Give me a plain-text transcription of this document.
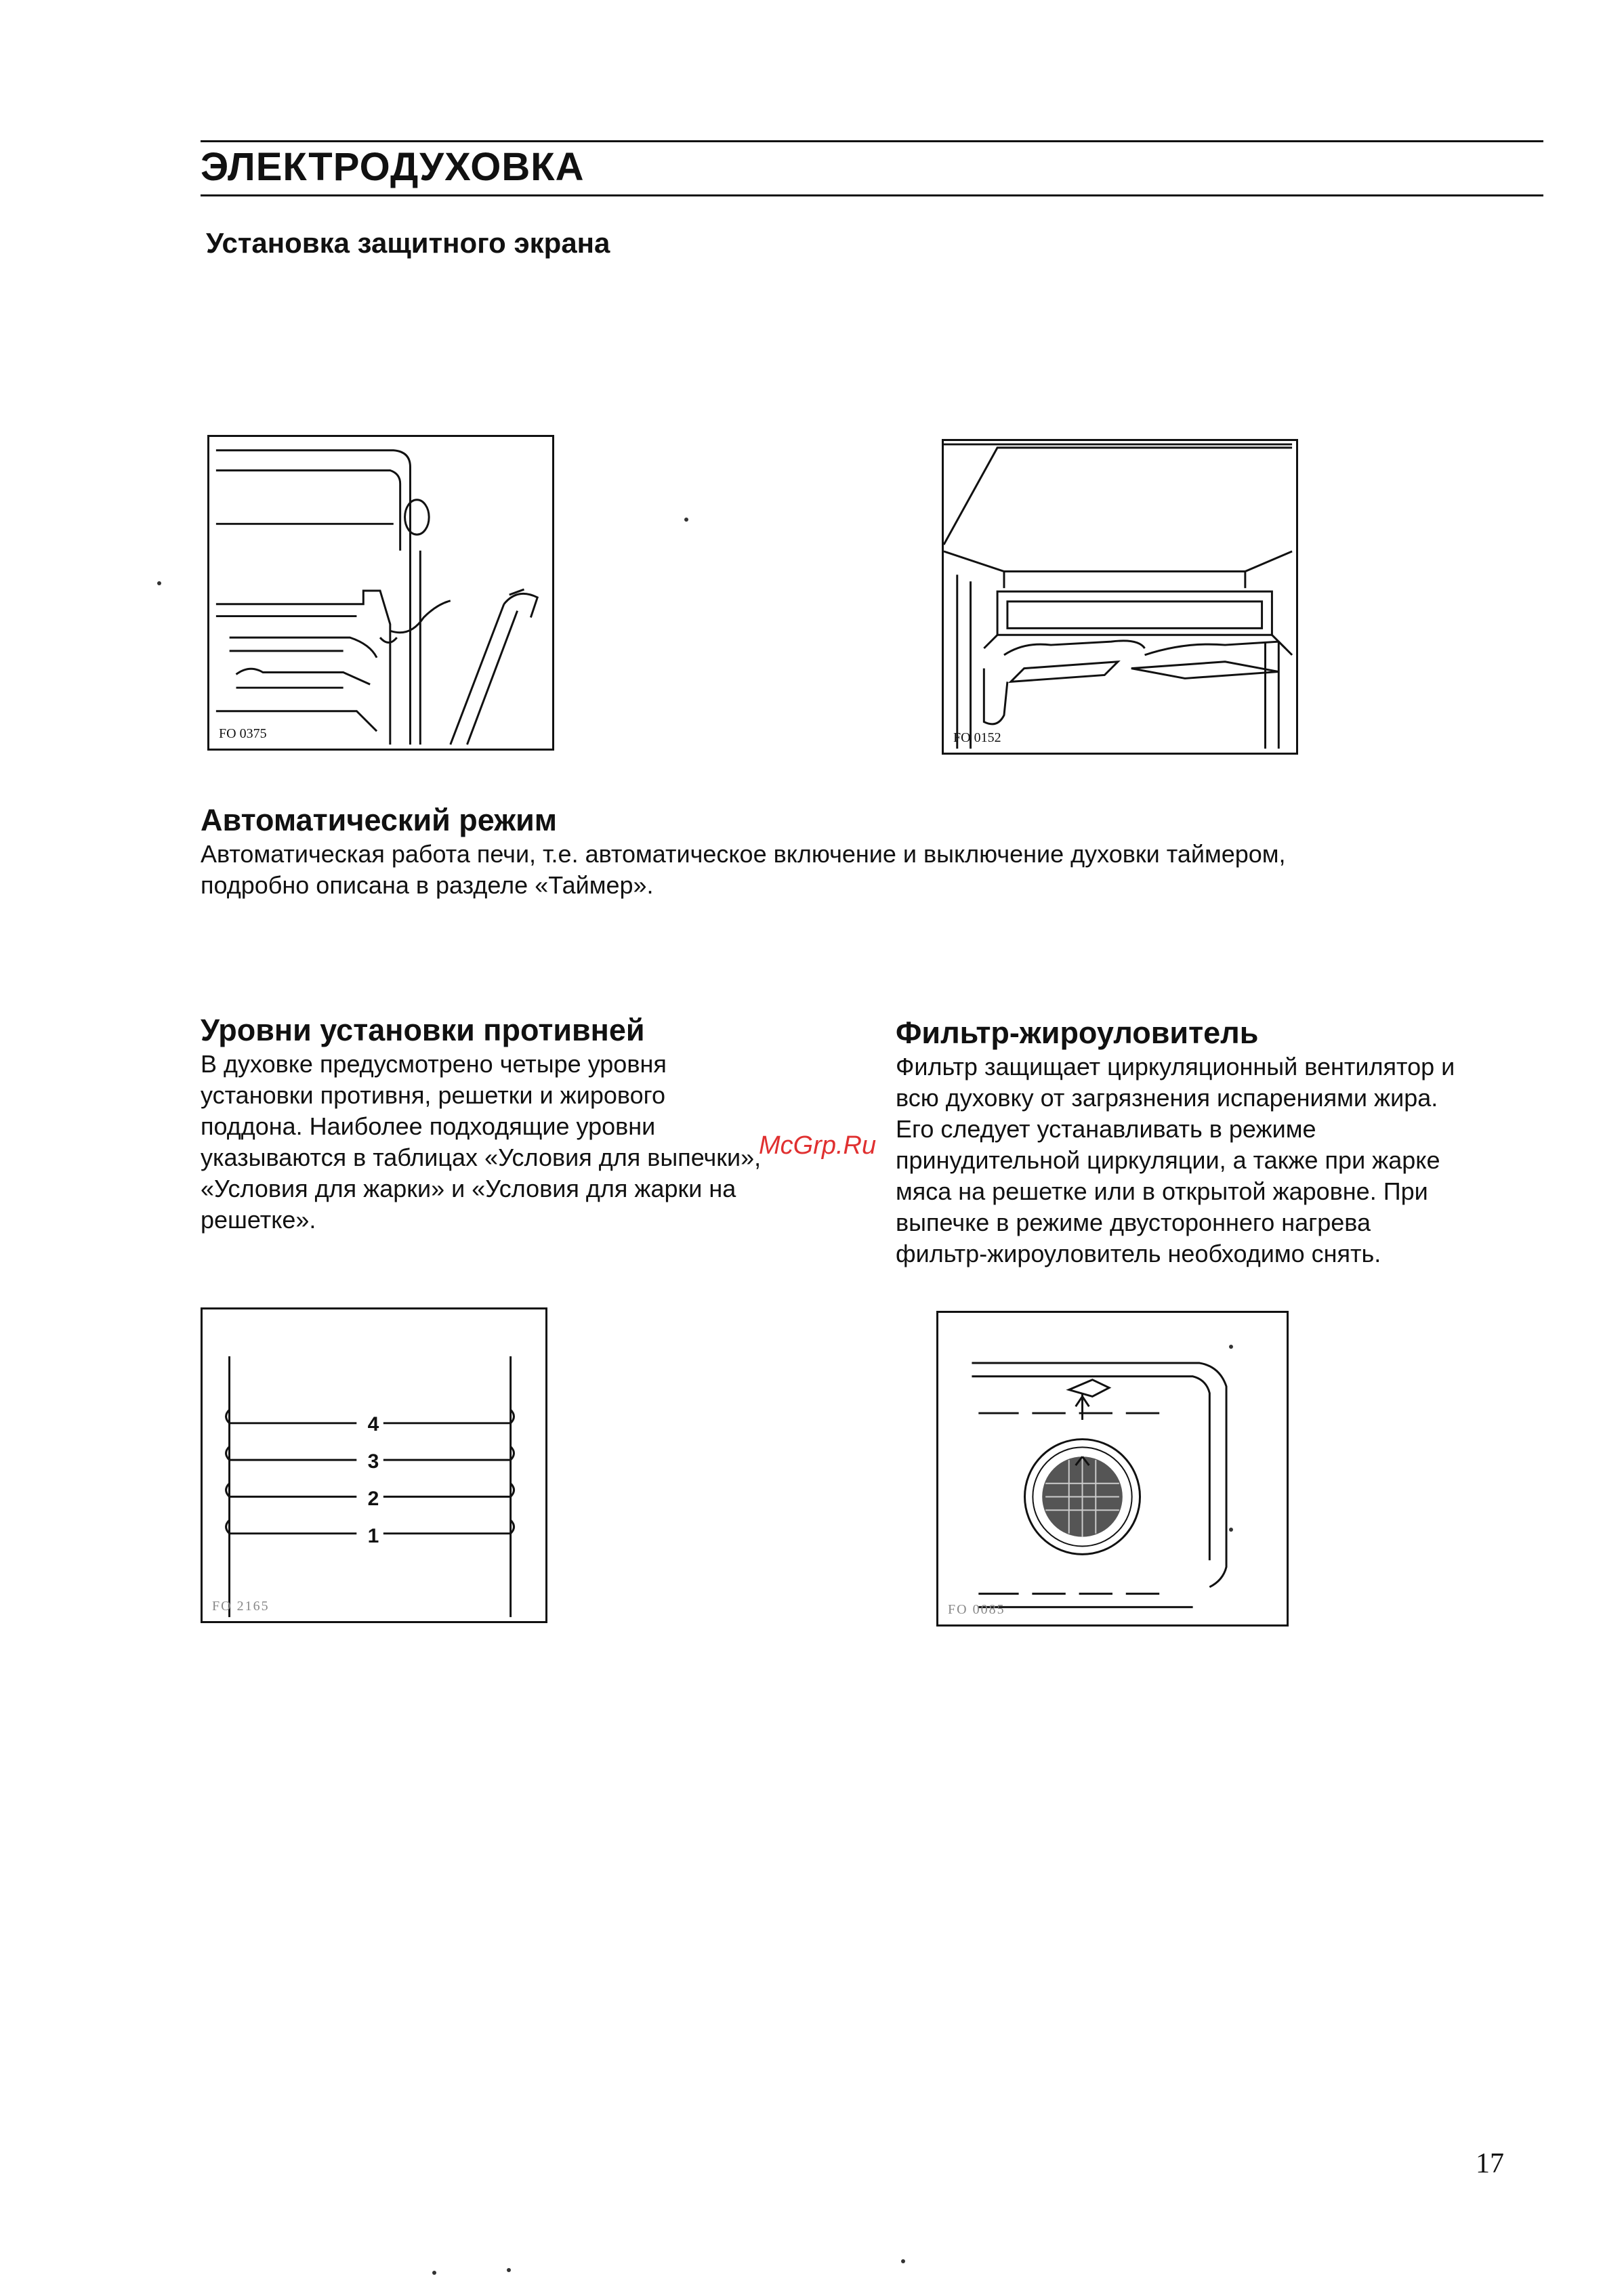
ЭЛЕКТРОДУХОВКА
Установка защитного экрана
FO 0375	FO 0152
Автоматический режим
Автоматическая работа печи, т.е. автоматическое включение и выключение духовки таймером,
подробно описана в разделе «Таймер».
Уровни установки противней
В духовке предусмотрено четыре уровня
установки противня, решетки и жирового
поддона. Наиболее подходящие уровни
указываются в таблицах «Условия для выпечки»,
«Условия для жарки» и «Условия для жарки на
решетке».
Фильтр-жироуловитель
Фильтр защищает циркуляционный вентилятор и
всю духовку от загрязнения испарениями жира.
Его следует устанавливать в режиме
принудительной циркуляции, а также при жарке
мяса на решетке или в открытой жаровне. При
выпечке в режиме двустороннего нагрева
фильтр-жироуловитель необходимо снять.
McGrp.Ru
4
3
2
1
FO 2165	FO 0085
17
